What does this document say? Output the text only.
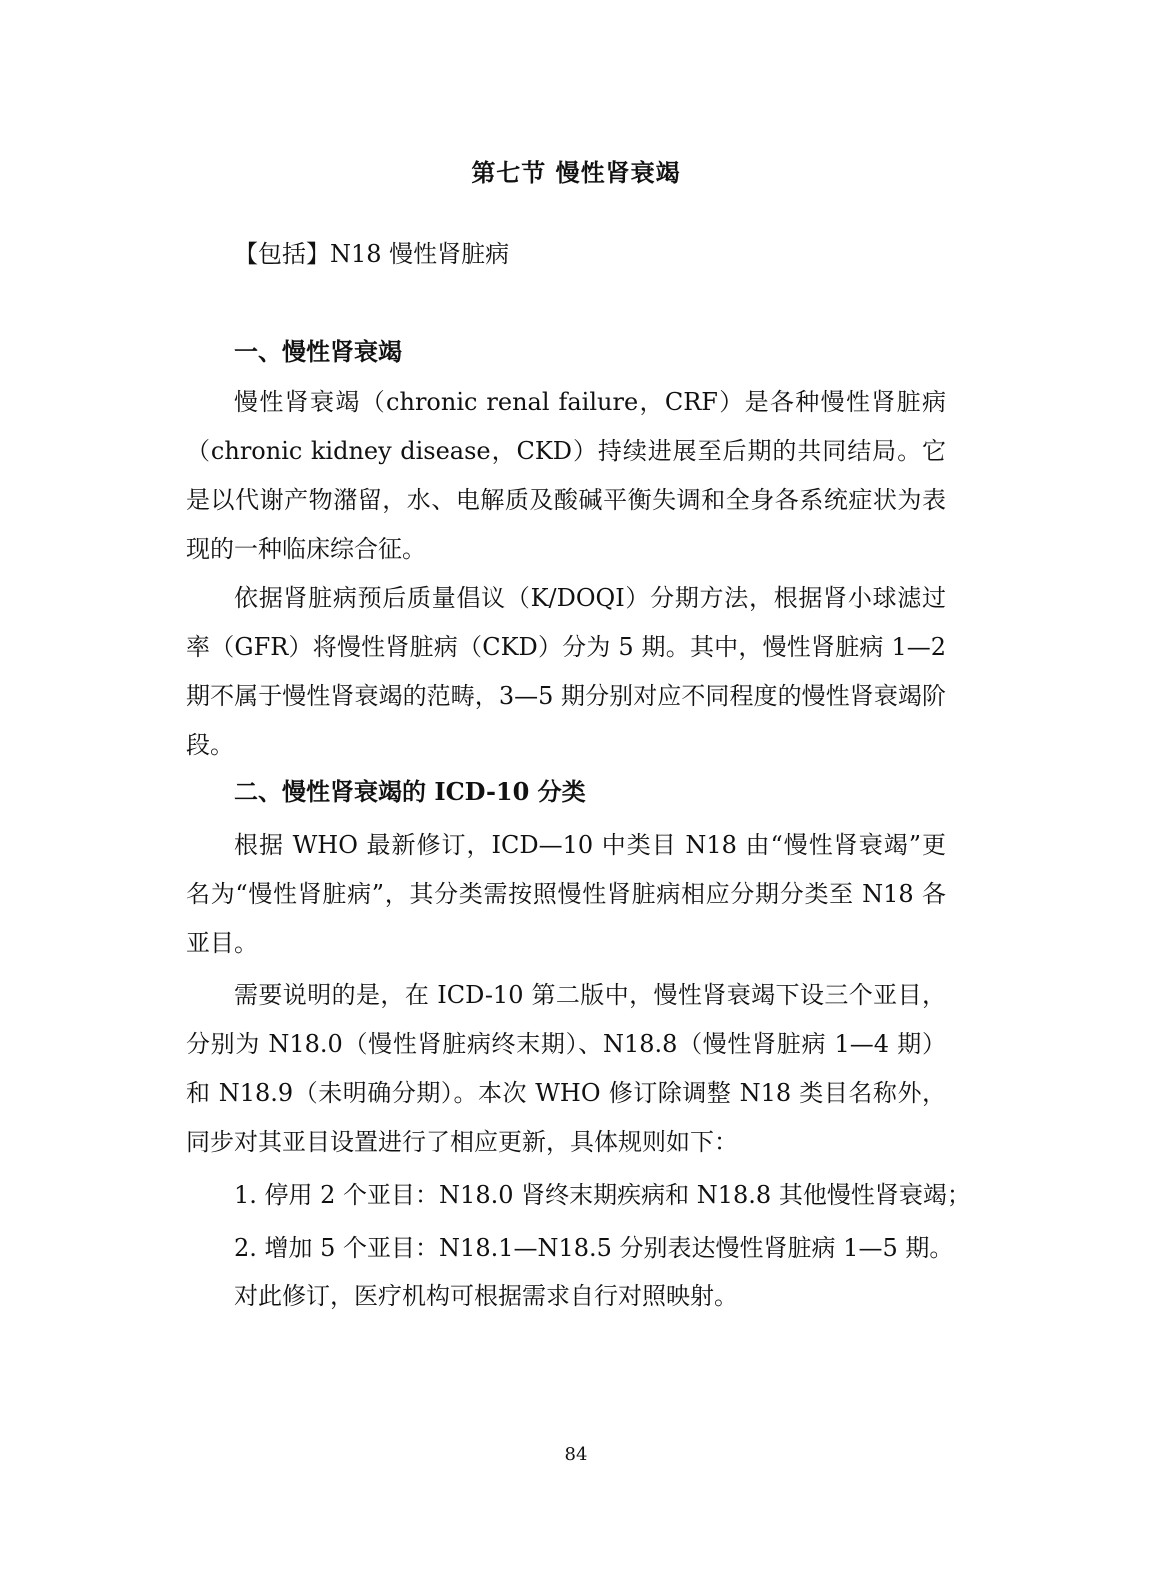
第七节 慢性肾衰竭
【包括】N18 慢性肾脏病
一、慢性肾衰竭

慢性肾衰竭（chronic renal failure，CRF）是各种慢性肾脏病（chronic kidney disease，CKD）持续进展至后期的共同结局。它是以代谢产物潴留，水、电解质及酸碱平衡失调和全身各系统症状为表现的一种临床综合征。

依据肾脏病预后质量倡议（K/DOQI）分期方法，根据肾小球滤过率（GFR）将慢性肾脏病（CKD）分为 5 期。其中，慢性肾脏病 1—2 期不属于慢性肾衰竭的范畴，3—5 期分别对应不同程度的慢性肾衰竭阶段。

二、慢性肾衰竭的 ICD-10 分类

根据 WHO 最新修订，ICD—10 中类目 N18 由“慢性肾衰竭”更名为“慢性肾脏病”，其分类需按照慢性肾脏病相应分期分类至 N18 各亚目。

需要说明的是，在 ICD-10 第二版中，慢性肾衰竭下设三个亚目，分别为 N18.0（慢性肾脏病终末期）、N18.8（慢性肾脏病 1—4 期）和 N18.9（未明确分期）。本次 WHO 修订除调整 N18 类目名称外，同步对其亚目设置进行了相应更新，具体规则如下：

1. 停用 2 个亚目：N18.0 肾终末期疾病和 N18.8 其他慢性肾衰竭；
2. 增加 5 个亚目：N18.1—N18.5 分别表达慢性肾脏病 1—5 期。
对此修订，医疗机构可根据需求自行对照映射。
84
